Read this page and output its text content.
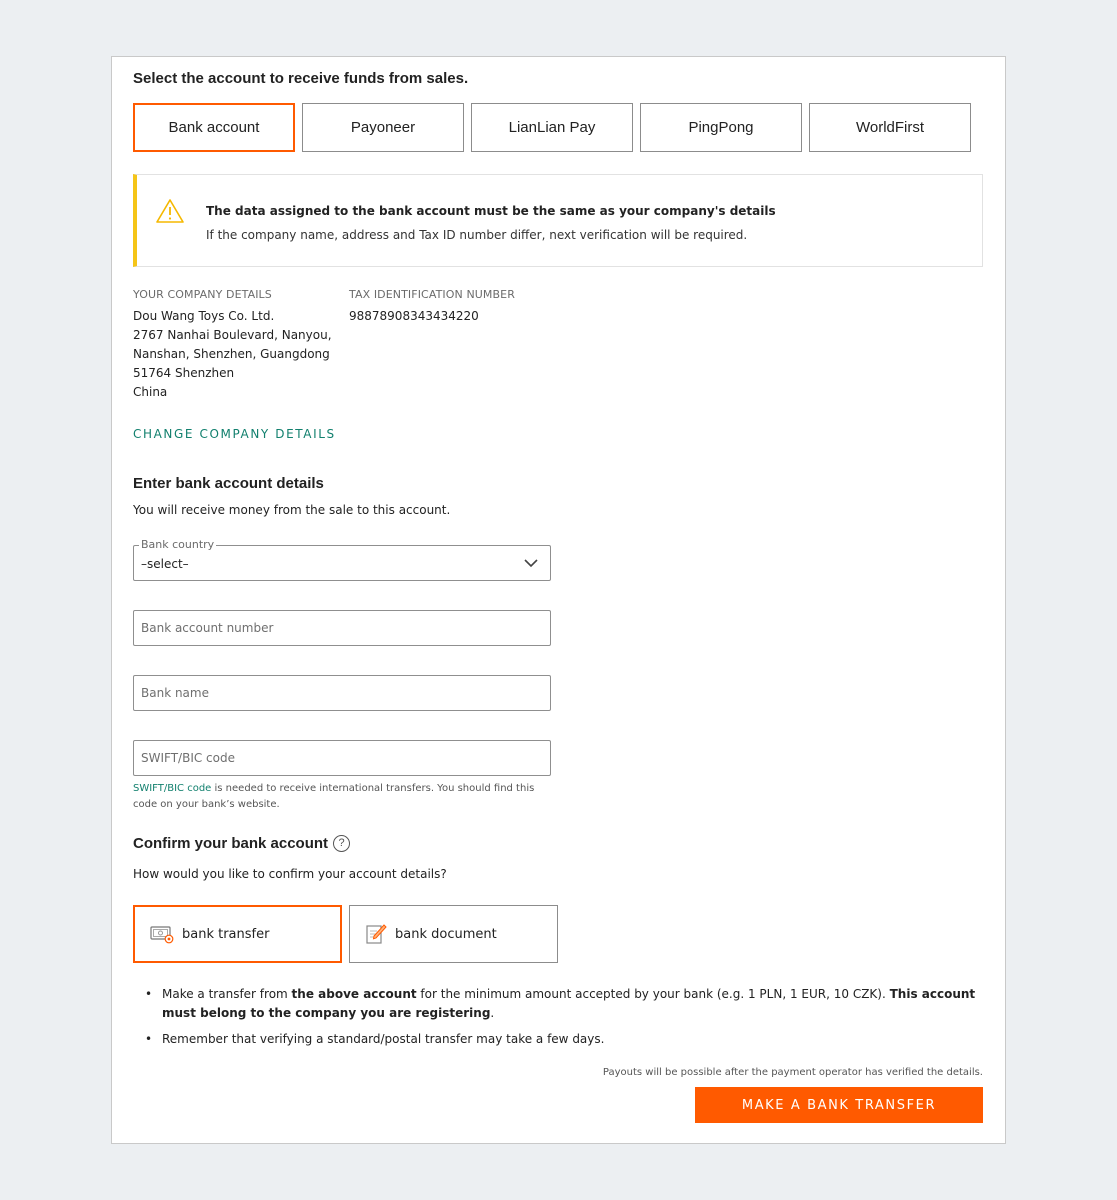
Select the account to receive funds from sales.
Bank account	Payoneer	LianLian Pay	PingPong	WorldFirst
The data assigned to the bank account must be the same as your company's details
If the company name, address and Tax ID number differ, next verification will be required.
YOUR COMPANY DETAILS
Dou Wang Toys Co. Ltd.
2767 Nanhai Boulevard, Nanyou,
Nanshan, Shenzhen, Guangdong
51764 Shenzhen
China
TAX IDENTIFICATION NUMBER
98878908343434220
CHANGE COMPANY DETAILS
Enter bank account details
You will receive money from the sale to this account.
Bank country
–select–
Bank account number
Bank name
SWIFT/BIC code
SWIFT/BIC code is needed to receive international transfers. You should find this code on your bank’s website.
Confirm your bank account ?
How would you like to confirm your account details?
bank transfer	bank document
• Make a transfer from the above account for the minimum amount accepted by your bank (e.g. 1 PLN, 1 EUR, 10 CZK). This account must belong to the company you are registering.
• Remember that verifying a standard/postal transfer may take a few days.
Payouts will be possible after the payment operator has verified the details.
MAKE A BANK TRANSFER
